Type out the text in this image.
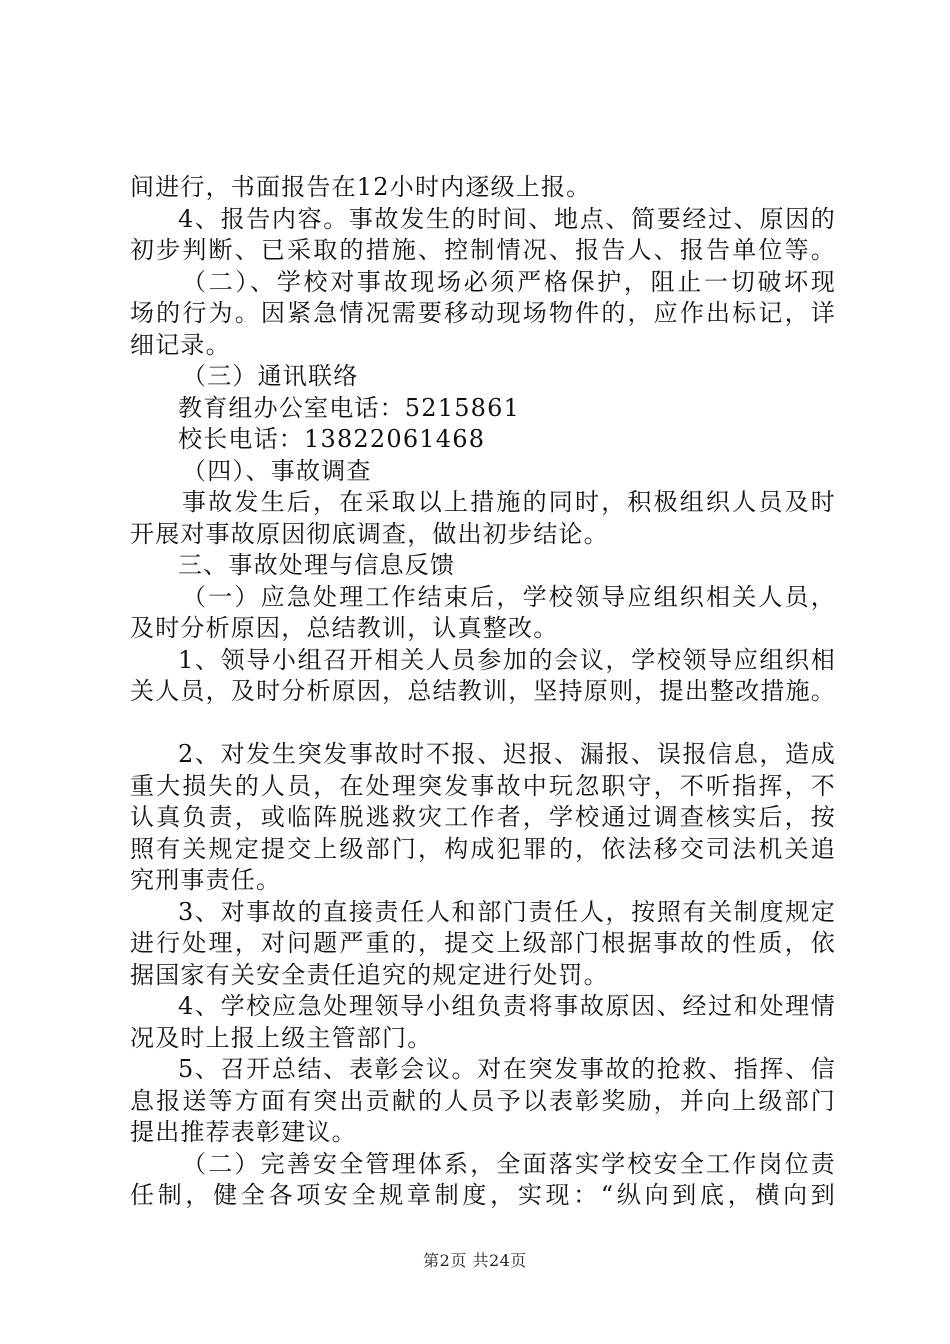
间进行，书面报告在12小时内逐级上报。

4、报告内容。事故发生的时间、地点、简要经过、原因的

初步判断、已采取的措施、控制情况、报告人、报告单位等。

（二）、学校对事故现场必须严格保护，阻止一切破坏现

场的行为。因紧急情况需要移动现场物件的，应作出标记，详

细记录。

（三）通讯联络

教育组办公室电话：5215861

校长电话：13822061468

（四）、事故调查

事故发生后，在采取以上措施的同时，积极组织人员及时

开展对事故原因彻底调查，做出初步结论。

三、事故处理与信息反馈

（一）应急处理工作结束后，学校领导应组织相关人员，

及时分析原因，总结教训，认真整改。

1、领导小组召开相关人员参加的会议，学校领导应组织相

关人员，及时分析原因，总结教训，坚持原则，提出整改措施。

2、对发生突发事故时不报、迟报、漏报、误报信息，造成

重大损失的人员，在处理突发事故中玩忽职守，不听指挥，不

认真负责，或临阵脱逃救灾工作者，学校通过调查核实后，按

照有关规定提交上级部门，构成犯罪的，依法移交司法机关追

究刑事责任。

3、对事故的直接责任人和部门责任人，按照有关制度规定

进行处理，对问题严重的，提交上级部门根据事故的性质，依

据国家有关安全责任追究的规定进行处罚。

4、学校应急处理领导小组负责将事故原因、经过和处理情

况及时上报上级主管部门。

5、召开总结、表彰会议。对在突发事故的抢救、指挥、信

息报送等方面有突出贡献的人员予以表彰奖励，并向上级部门

提出推荐表彰建议。

（二）完善安全管理体系，全面落实学校安全工作岗位责

任制，健全各项安全规章制度，实现：“纵向到底，横向到

第2页 共24页
